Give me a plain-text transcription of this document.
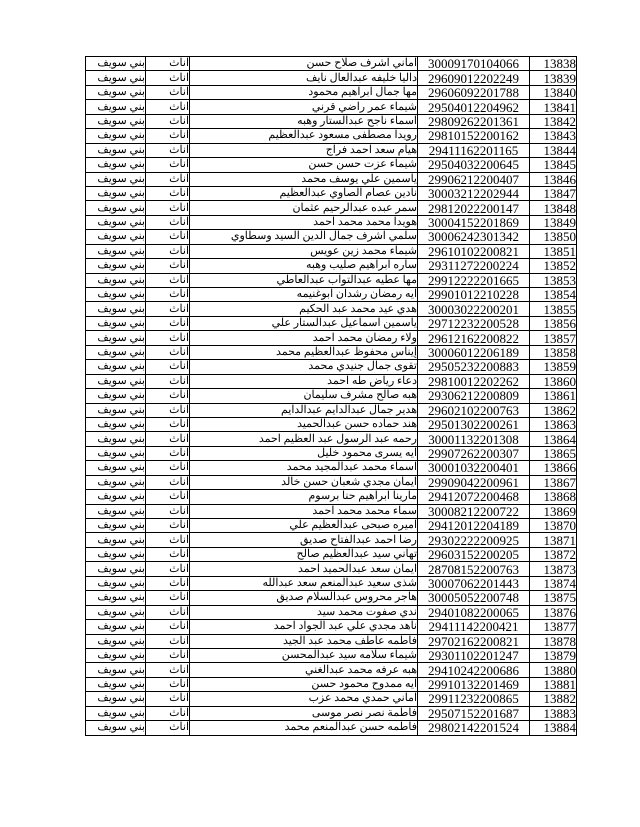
بني سويف	اناث	اماني اشرف صلاح حسن	30009170104066	13838
بني سويف	اناث	داليا خليفه عبدالعال نايف	29609012202249	13839
بني سويف	اناث	مها جمال ابراهيم محمود	29606092201788	13840
بني سويف	اناث	شيماء عمر راضي قرني	29504012204962	13841
بني سويف	اناث	اسماء ناجح عبدالستار وهبه	29809262201361	13842
بني سويف	اناث	رويدا مصطفى مسعود عبدالعظيم	29810152200162	13843
بني سويف	اناث	هيام سعد احمد فراج	29411162201165	13844
بني سويف	اناث	شيماء عزت حسن حسن	29504032200645	13845
بني سويف	اناث	ياسمين علي يوسف محمد	29906212200407	13846
بني سويف	اناث	نادين عصام الصاوي عبدالعظيم	30003212202944	13847
بني سويف	اناث	سمر عبده عبدالرحيم عثمان	29812022200147	13848
بني سويف	اناث	هويدا محمد محمد احمد	30004152201869	13849
بني سويف	اناث	سلمي اشرف جمال الدين السيد وسطاوي	30006242301342	13850
بني سويف	اناث	شيماء محمد زين عويس	29610102200821	13851
بني سويف	اناث	ساره ابراهيم صليب وهبه	29311272200224	13852
بني سويف	اناث	مها عطيه عبدالتواب عبدالعاطي	29912222201665	13853
بني سويف	اناث	ايه رمضان رشدان ابوغنيمه	29901012210228	13854
بني سويف	اناث	هدي عيد محمد عبد الحكيم	30003022200201	13855
بني سويف	اناث	ياسمين اسماعيل عبدالستار علي	29712232200528	13856
بني سويف	اناث	ولاء رمضان محمد احمد	29612162200822	13857
بني سويف	اناث	إيناس محفوظ عبدالعظيم محمد	30006012206189	13858
بني سويف	اناث	تقوى جمال جنيدي محمد	29505232200883	13859
بني سويف	اناث	دعاء رياض طه احمد	29810012202262	13860
بني سويف	اناث	هبه صالح مشرف سليمان	29306212200809	13861
بني سويف	اناث	هدير جمال عبدالدايم عبدالدايم	29602102200763	13862
بني سويف	اناث	هند حماده حسن عبدالحميد	29501302200261	13863
بني سويف	اناث	رحمه عبد الرسول عبد العظيم احمد	30001132201308	13864
بني سويف	اناث	ايه يسرى محمود خليل	29907262200307	13865
بني سويف	اناث	اسماء محمد عبدالمجيد محمد	30001032200401	13866
بني سويف	اناث	ايمان مجدي شعبان حسن خالد	29909042200961	13867
بني سويف	اناث	مارينا ابراهيم حنا برسوم	29412072200468	13868
بني سويف	اناث	سماء محمد محمد احمد	30008212200722	13869
بني سويف	اناث	اميره صبحى عبدالعظيم علي	29412012204189	13870
بني سويف	اناث	رضا احمد عبدالفتاح صديق	29302222200925	13871
بني سويف	اناث	تهاني سيد عبدالعظيم صالح	29603152200205	13872
بني سويف	اناث	ايمان سعد عبدالحميد احمد	28708152200763	13873
بني سويف	اناث	شذى سعيد عبدالمنعم سعد عبدالله	30007062201443	13874
بني سويف	اناث	هاجر محروس عبدالسلام صديق	30005052200748	13875
بني سويف	اناث	ندي صفوت محمد سيد	29401082200065	13876
بني سويف	اناث	ناهد مجدي علي عبد الجواد احمد	29411142200421	13877
بني سويف	اناث	فاطمه عاطف محمد عبد الجيد	29702162200821	13878
بني سويف	اناث	شيماء سلامه سيد عبدالمحسن	29301102201247	13879
بني سويف	اناث	هبه عرفه محمد عبدالغني	29410242200686	13880
بني سويف	اناث	ايه ممدوح محمود حسن	29910132201469	13881
بني سويف	اناث	اماني حمدي محمد عزب	29911232200865	13882
بني سويف	اناث	فاطمة نصر نصر موسى	29507152201687	13883
بني سويف	اناث	فاطمه حسن عبدالمنعم محمد	29802142201524	13884
